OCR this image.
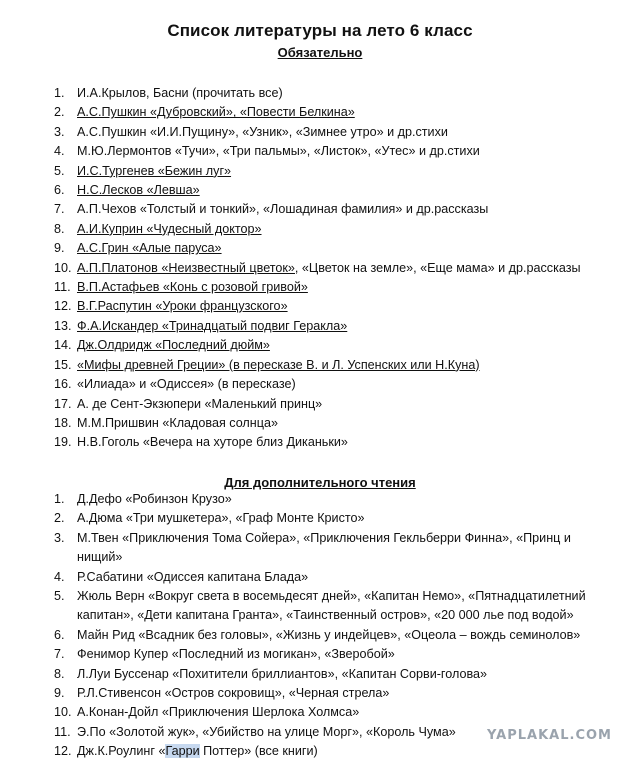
Список литературы на лето 6 класс
Обязательно
1. И.А.Крылов, Басни (прочитать все)
2. А.С.Пушкин «Дубровский», «Повести Белкина»
3. А.С.Пушкин «И.И.Пущину», «Узник», «Зимнее утро» и др.стихи
4. М.Ю.Лермонтов «Тучи», «Три пальмы», «Листок», «Утес» и др.стихи
5. И.С.Тургенев «Бежин луг»
6. Н.С.Лесков «Левша»
7. А.П.Чехов «Толстый и тонкий», «Лошадиная фамилия» и др.рассказы
8. А.И.Куприн «Чудесный доктор»
9. А.С.Грин «Алые паруса»
10. А.П.Платонов «Неизвестный цветок», «Цветок на земле», «Еще мама» и др.рассказы
11. В.П.Астафьев «Конь с розовой гривой»
12. В.Г.Распутин «Уроки французского»
13. Ф.А.Искандер «Тринадцатый подвиг Геракла»
14. Дж.Олдридж «Последний дюйм»
15. «Мифы древней Греции» (в пересказе В. и Л. Успенских или Н.Куна)
16. «Илиада» и «Одиссея» (в пересказе)
17. А. де Сент-Экзюпери «Маленький принц»
18. М.М.Пришвин «Кладовая солнца»
19. Н.В.Гоголь «Вечера на хуторе близ Диканьки»
Для дополнительного чтения
1. Д.Дефо «Робинзон Крузо»
2. А.Дюма «Три мушкетера», «Граф Монте Кристо»
3. М.Твен «Приключения Тома Сойера», «Приключения Гекльберри Финна», «Принц и нищий»
4. Р.Сабатини «Одиссея капитана Блада»
5. Жюль Верн «Вокруг света в восемьдесят дней», «Капитан Немо», «Пятнадцатилетний капитан», «Дети капитана Гранта», «Таинственный остров», «20 000 лье под водой»
6. Майн Рид «Всадник без головы», «Жизнь у индейцев», «Оцеола – вождь семинолов»
7. Фенимор Купер «Последний из могикан», «Зверобой»
8. Л.Луи Буссенар «Похитители бриллиантов», «Капитан Сорви-голова»
9. Р.Л.Стивенсон «Остров сокровищ», «Черная стрела»
10. А.Конан-Дойл «Приключения Шерлока Холмса»
11. Э.По «Золотой жук», «Убийство на улице Морг», «Король Чума»
12. Дж.К.Роулинг «Гарри Поттер» (все книги)
YAPLAKAL.COM
